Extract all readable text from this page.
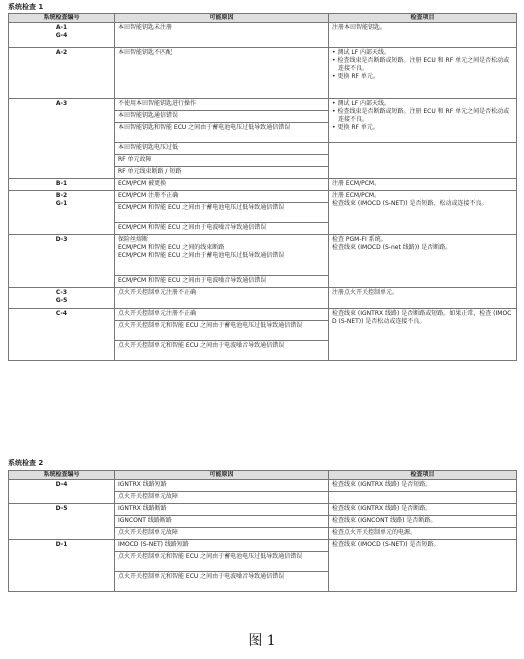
系统检查 1
系统检查编号	可能原因	检查项目

A-1
G-4	本田智能钥匙未注册	注册本田智能钥匙。
A-2	本田智能钥匙不匹配	• 测试 LF 内部天线。
• 检查线束是否断路或短路。注册 ECU 和 RF 单元之间是否松动或连接不良。
• 更换 RF 单元。

A-3	不使用本田智能钥匙进行操作	• 测试 LF 内部天线。
• 检查线束是否断路或短路。注册 ECU 和 RF 单元之间是否松动或连接不良。
• 更换 RF 单元。

	本田智能钥匙通信错误	
	本田智能钥匙和智能 ECU 之间由于蓄电池电压过低导致通信错误	
	本田智能钥匙电压过低	
	RF 单元故障	
	RF 单元线束断路 / 短路	
B-1	ECM/PCM 被更换	注册 ECM/PCM。

B-2
G-1	ECM/PCM 注册不正确	注册 ECM/PCM。
检查线束 (IMOCD (S-NET)) 是否短路、松动或连接不良。

	ECM/PCM 和智能 ECU 之间由于蓄电池电压过低导致通信错误	
	ECM/PCM 和智能 ECU 之间由于电波噪音导致通信错误	
D-3	保险丝熔断
ECM/PCM 和智能 ECU 之间的线束断路
ECM/PCM 和智能 ECU 之间由于蓄电池电压过低导致通信错误	检查 PGM-FI 系统。
检查线束 (IMOCD (S-net 线路)) 是否断路。

	ECM/PCM 和智能 ECU 之间由于电波噪音导致通信错误	

C-3
G-5	点火开关控制单元注册不正确	注册点火开关控制单元。
C-4	点火开关控制单元注册不正确	检查线束 (IGNTRX 线路) 是否断路或短路。如果正常，检查 (IMOCD (S-NET)) 是否松动或连接不良。
	点火开关控制单元和智能 ECU 之间由于蓄电池电压过低导致通信错误	
	点火开关控制单元和智能 ECU 之间由于电波噪音导致通信错误	
系统检查 2
系统检查编号	可能原因	检查项目
D-4	IGNTRX 线路短路	检查线束 (IGNTRX 线路) 是否短路。
	点火开关控制单元故障	
D-5	IGNTRX 线路断路	检查线束 (IGNTRX 线路) 是否断路。
	IGNCONT 线路断路	检查线束 (IGNCONT 线路) 是否断路。
	点火开关控制单元故障	检查点火开关控制单元的电源。
D-1	IMOCD (S-NET) 线路短路	检查线束 (IMOCD (S-NET)) 是否短路。
	点火开关控制单元和智能 ECU 之间由于蓄电池电压过低导致通信错误	
	点火开关控制单元和智能 ECU 之间由于电波噪音导致通信错误	
图 1
